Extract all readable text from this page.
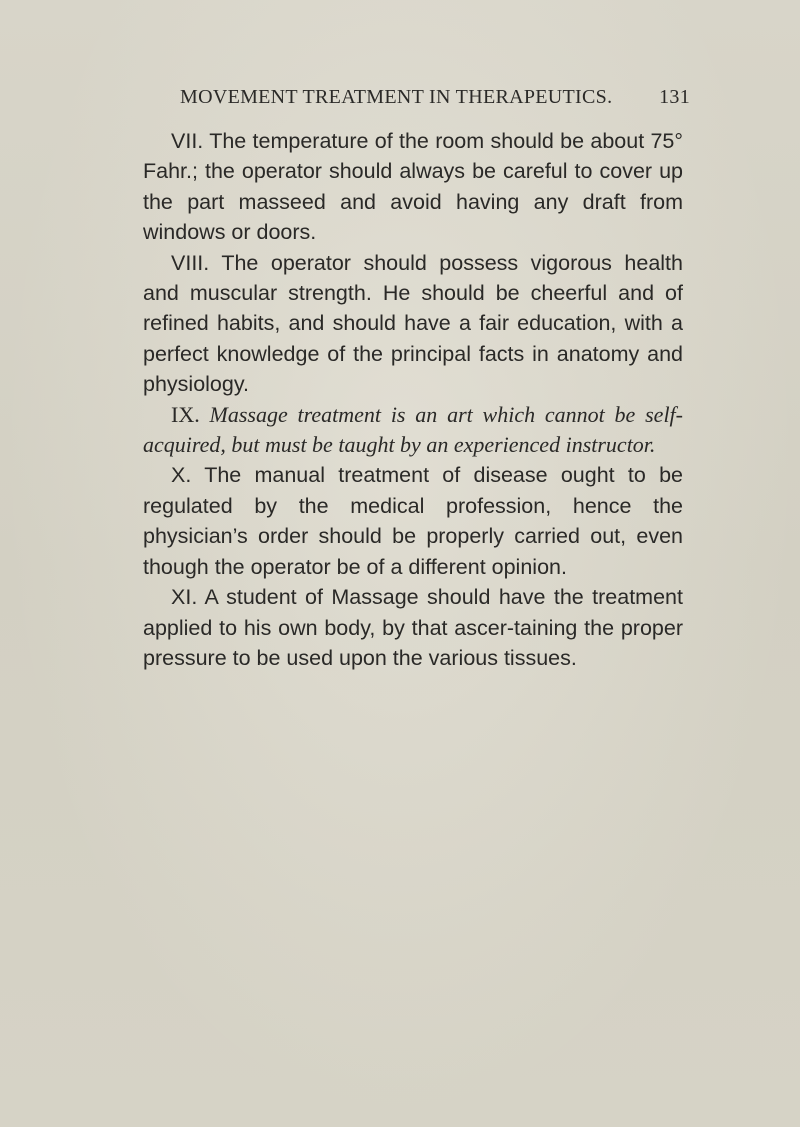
MOVEMENT TREATMENT IN THERAPEUTICS. 131

VII. The temperature of the room should be about 75° Fahr.; the operator should always be careful to cover up the part masseed and avoid having any draft from windows or doors.

VIII. The operator should possess vigorous health and muscular strength. He should be cheerful and of refined habits, and should have a fair education, with a perfect knowledge of the principal facts in anatomy and physiology.

IX. Massage treatment is an art which cannot be self-acquired, but must be taught by an experienced instructor.

X. The manual treatment of disease ought to be regulated by the medical profession, hence the physician’s order should be properly carried out, even though the operator be of a different opinion.

XI. A student of Massage should have the treatment applied to his own body, by that ascer-taining the proper pressure to be used upon the various tissues.
